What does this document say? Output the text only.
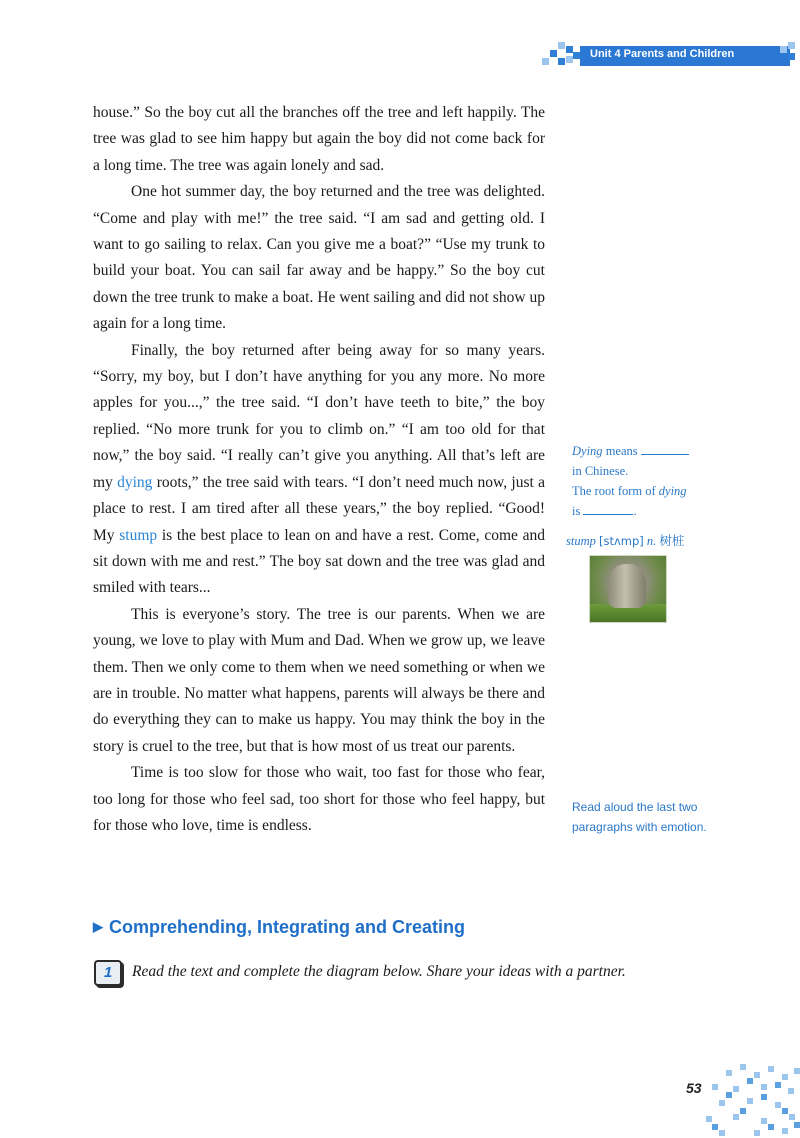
Unit 4 Parents and Children

house.” So the boy cut all the branches off the tree and left happily. The tree was glad to see him happy but again the boy did not come back for a long time. The tree was again lonely and sad.

One hot summer day, the boy returned and the tree was delighted. “Come and play with me!” the tree said. “I am sad and getting old. I want to go sailing to relax. Can you give me a boat?” “Use my trunk to build your boat. You can sail far away and be happy.” So the boy cut down the tree trunk to make a boat. He went sailing and did not show up again for a long time.

Finally, the boy returned after being away for so many years. “Sorry, my boy, but I don’t have anything for you any more. No more apples for you...,” the tree said. “I don’t have teeth to bite,” the boy replied. “No more trunk for you to climb on.” “I am too old for that now,” the boy said. “I really can’t give you anything. All that’s left are my dying roots,” the tree said with tears. “I don’t need much now, just a place to rest. I am tired after all these years,” the boy replied. “Good! My stump is the best place to lean on and have a rest. Come, come and sit down with me and rest.” The boy sat down and the tree was glad and smiled with tears...

This is everyone’s story. The tree is our parents. When we are young, we love to play with Mum and Dad. When we grow up, we leave them. Then we only come to them when we need something or when we are in trouble. No matter what happens, parents will always be there and do everything they can to make us happy. You may think the boy in the story is cruel to the tree, but that is how most of us treat our parents.

Time is too slow for those who wait, too fast for those who fear, too long for those who feel sad, too short for those who feel happy, but for those who love, time is endless.

Dying means
in Chinese.
The root form of dying
is	.
stump [stʌmp] n. 树桩
Read aloud the last two paragraphs with emotion.
▶ Comprehending, Integrating and Creating
1	Read the text and complete the diagram below. Share your ideas with a partner.
53
